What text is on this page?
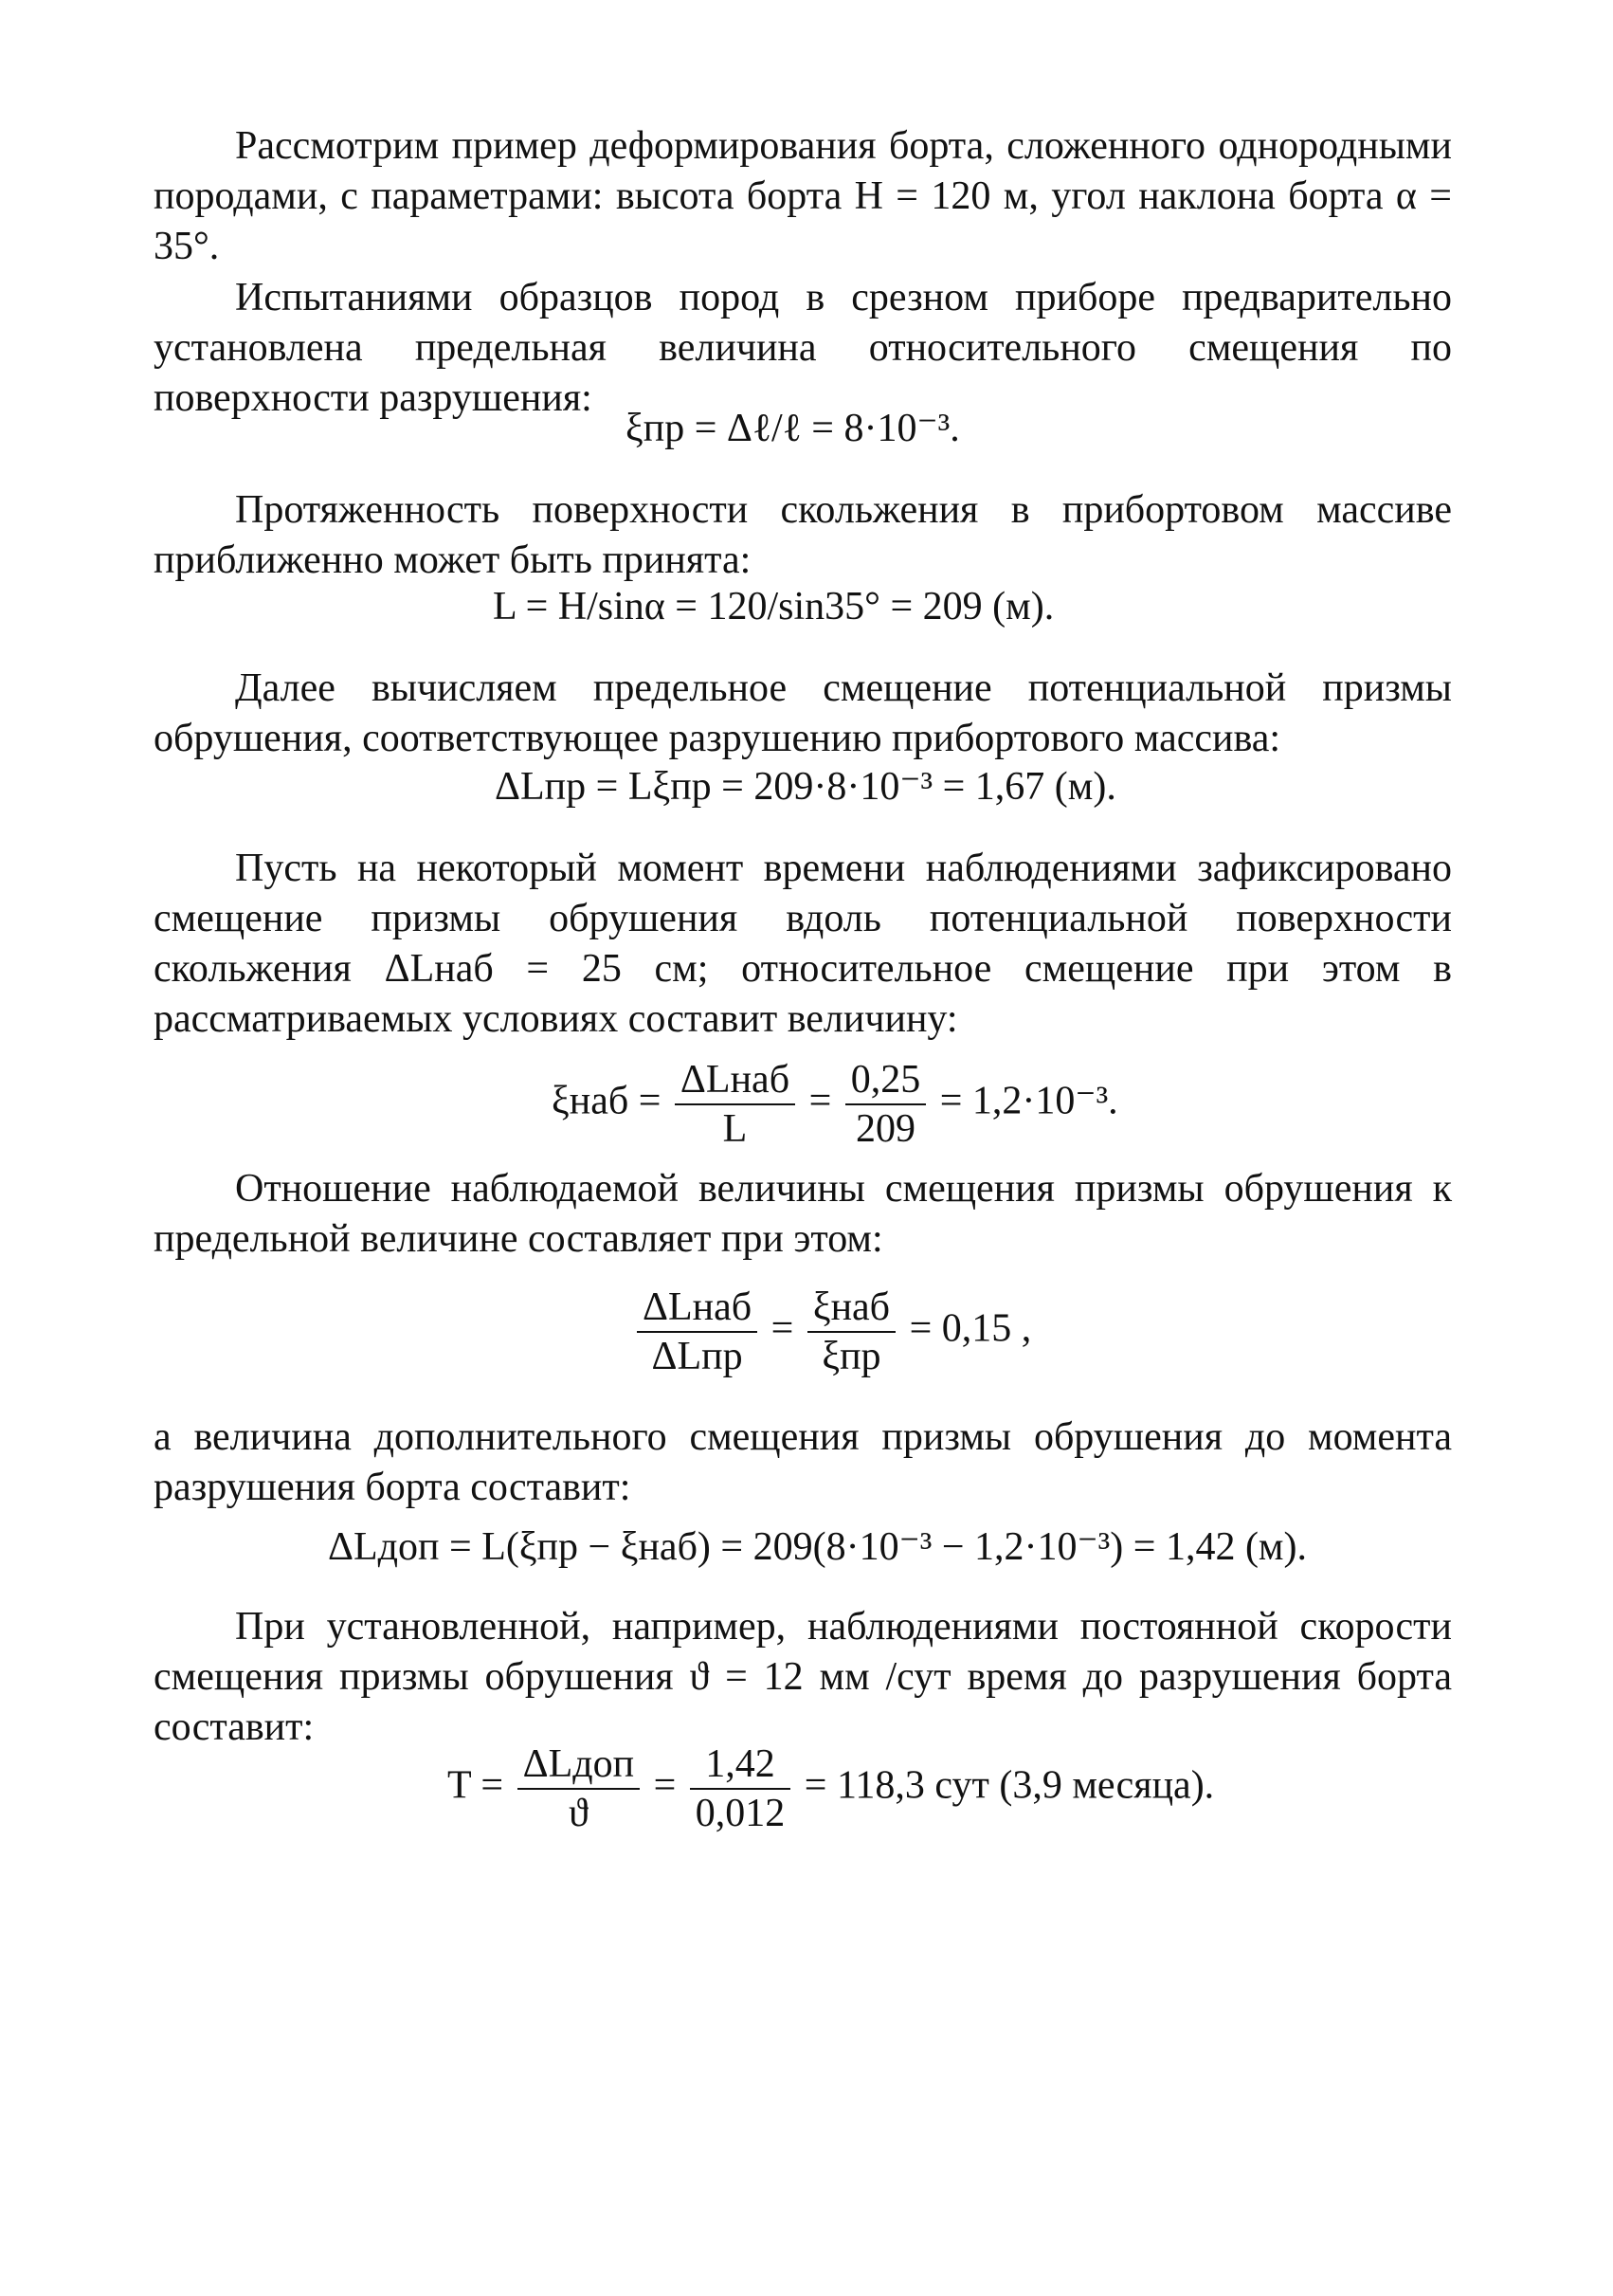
Рассмотрим пример деформирования борта, сложенного однородными породами, с параметрами: высота борта H = 120 м, угол наклона борта α = 35°.

Испытаниями образцов пород в срезном приборе предварительно установлена предельная величина относительного смещения по поверхности разрушения:

ξпр = Δℓ/ℓ = 8·10⁻³.

Протяженность поверхности скольжения в прибортовом массиве приближенно может быть принята:

L = H/sinα = 120/sin35° = 209 (м).

Далее вычисляем предельное смещение потенциальной призмы обрушения, соответствующее разрушению прибортового массива:

ΔLпр = Lξпр = 209·8·10⁻³ = 1,67 (м).

Пусть на некоторый момент времени наблюдениями зафиксировано смещение призмы обрушения вдоль потенциальной поверхности скольжения ΔLнаб = 25 см; относительное смещение при этом в рассматриваемых условиях составит величину:

$\xi наб = \frac{\text{ΔLнаб}}{L} = \frac{0,25}{209} = 1,2\cdot 10^{-3}$.

Отношение наблюдаемой величины смещения призмы обрушения к предельной величине составляет при этом:

$\frac{\text{ΔLнаб}}{\text{ΔLпр}} = \frac{\text{ξнаб}}{\text{ξпр}} = 0,15$ ,

а величина дополнительного смещения призмы обрушения до момента разрушения борта составит:

ΔLдоп = L(ξпр − ξнаб) = 209(8·10⁻³ − 1,2·10⁻³) = 1,42 (м).

При установленной, например, наблюдениями постоянной скорости смещения призмы обрушения ϑ = 12 мм /сут время до разрушения борта составит:

$T = \frac{\text{ΔLдоп}}{ϑ} = \frac{1,42}{0,012} = 118,3$ сут (3,9 месяца).
